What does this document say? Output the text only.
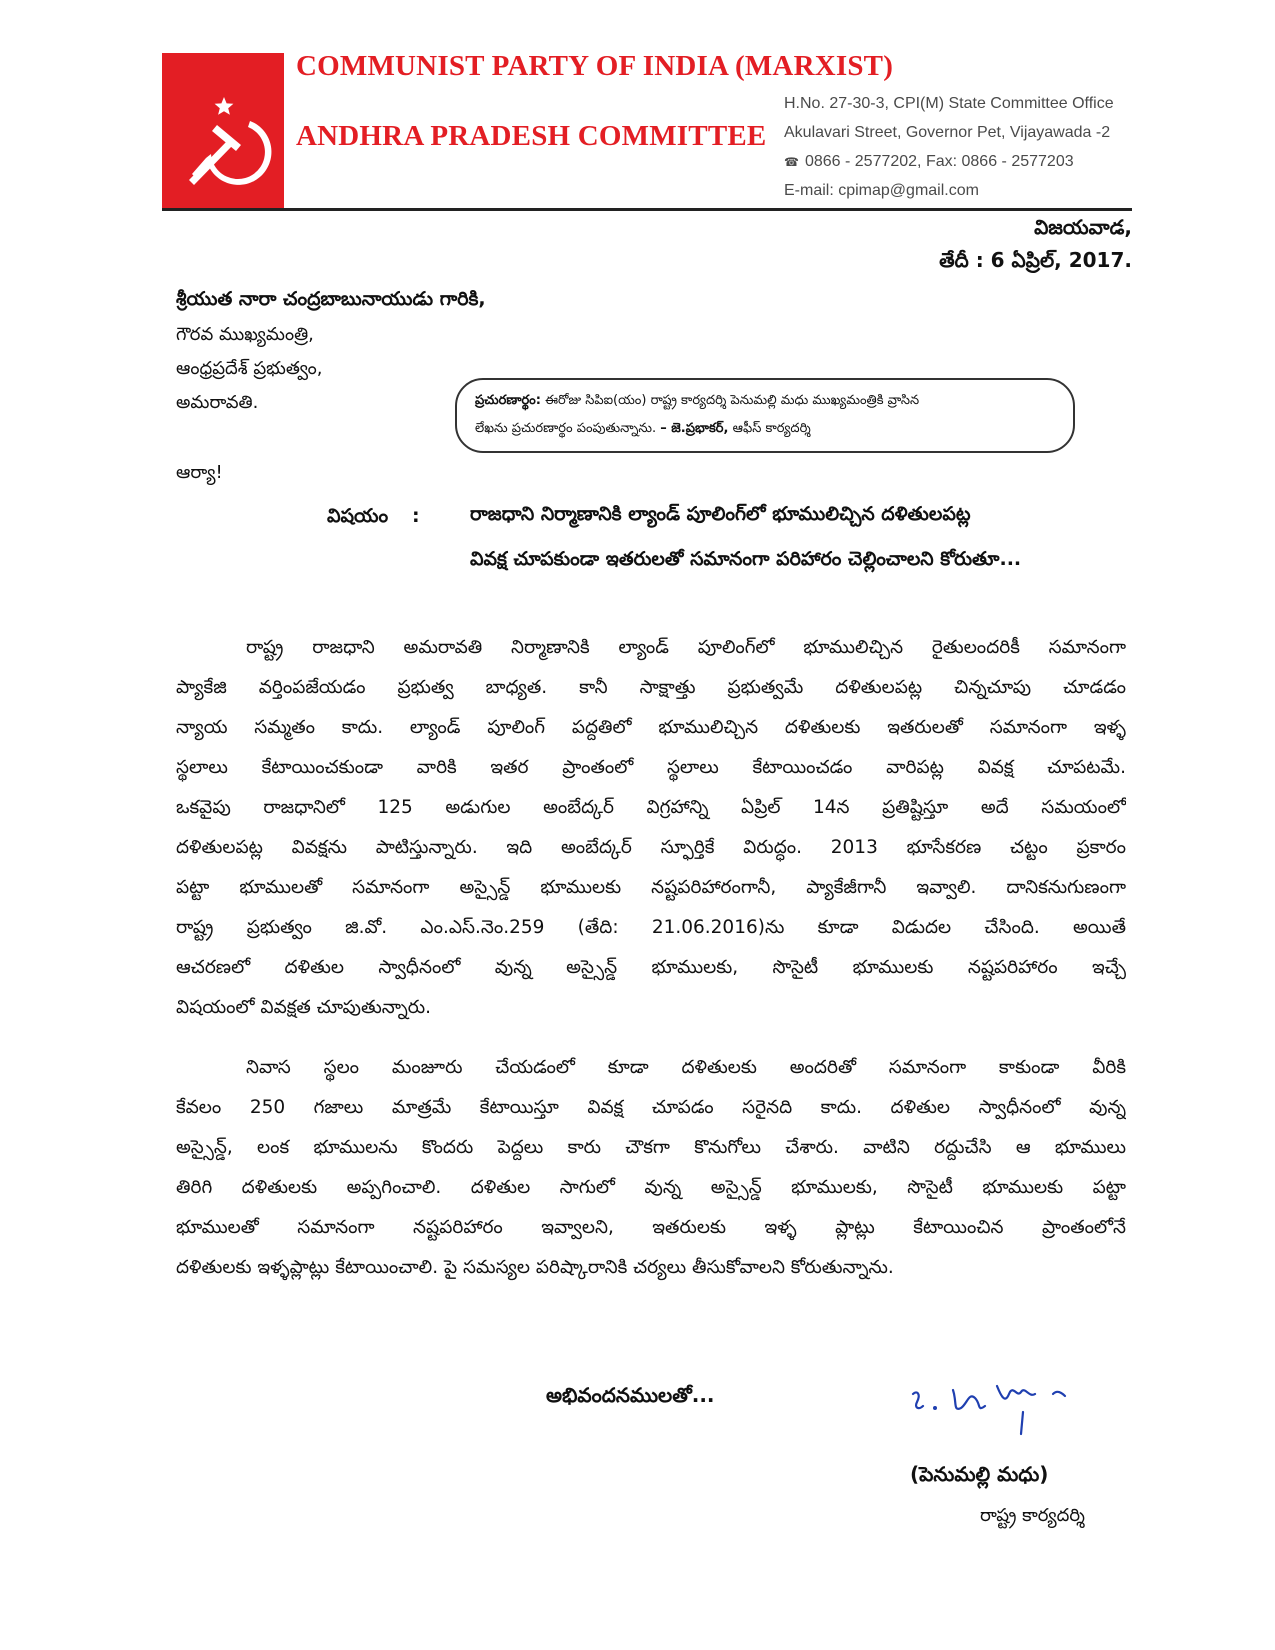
COMMUNIST PARTY OF INDIA (MARXIST)
ANDHRA PRADESH COMMITTEE
H.No. 27-30-3, CPI(M) State Committee Office
Akulavari Street, Governor Pet, Vijayawada -2
☎ 0866 - 2577202, Fax: 0866 - 2577203
E-mail: cpimap@gmail.com
విజయవాడ,
తేదీ : 6 ఏప్రిల్, 2017.
శ్రీయుత నారా చంద్రబాబునాయుడు గారికి,
గౌరవ ముఖ్యమంత్రి,
ఆంధ్రప్రదేశ్ ప్రభుత్వం,
అమరావతి.	ప్రచురణార్థం: ఈరోజు సిపిఐ(యం) రాష్ట్ర కార్యదర్శి పెనుమల్లి మధు ముఖ్యమంత్రికి వ్రాసిన
లేఖను ప్రచురణార్థం పంపుతున్నాను. – జె.ప్రభాకర్, ఆఫీస్ కార్యదర్శి
ఆర్యా!
విషయం :	రాజధాని నిర్మాణానికి ల్యాండ్ పూలింగ్‌లో భూములిచ్చిన దళితులపట్ల
వివక్ష చూపకుండా ఇతరులతో సమానంగా పరిహారం చెల్లించాలని కోరుతూ...
రాష్ట్ర రాజధాని అమరావతి నిర్మాణానికి ల్యాండ్ పూలింగ్‌లో భూములిచ్చిన రైతులందరికీ సమానంగా
ప్యాకేజి వర్తింపజేయడం ప్రభుత్వ బాధ్యత. కానీ సాక్షాత్తు ప్రభుత్వమే దళితులపట్ల చిన్నచూపు చూడడం
న్యాయ సమ్మతం కాదు. ల్యాండ్ పూలింగ్ పద్దతిలో భూములిచ్చిన దళితులకు ఇతరులతో సమానంగా ఇళ్ళ
స్థలాలు కేటాయించకుండా వారికి ఇతర ప్రాంతంలో స్థలాలు కేటాయించడం వారిపట్ల వివక్ష చూపటమే.
ఒకవైపు రాజధానిలో 125 అడుగుల అంబేద్కర్ విగ్రహాన్ని ఏప్రిల్ 14న ప్రతిష్టిస్తూ అదే సమయంలో
దళితులపట్ల వివక్షను పాటిస్తున్నారు. ఇది అంబేద్కర్ స్ఫూర్తికే విరుద్ధం. 2013 భూసేకరణ చట్టం ప్రకారం
పట్టా భూములతో సమానంగా అస్సైన్డ్ భూములకు నష్టపరిహారంగానీ, ప్యాకేజీగానీ ఇవ్వాలి. దానికనుగుణంగా
రాష్ట్ర ప్రభుత్వం జి.వో. ఎం.ఎస్.నెం.259 (తేది: 21.06.2016)ను కూడా విడుదల చేసింది. అయితే
ఆచరణలో దళితుల స్వాధీనంలో వున్న అస్సైన్డ్ భూములకు, సొసైటీ భూములకు నష్టపరిహారం ఇచ్చే
విషయంలో వివక్షత చూపుతున్నారు.
నివాస స్థలం మంజూరు చేయడంలో కూడా దళితులకు అందరితో సమానంగా కాకుండా వీరికి
కేవలం 250 గజాలు మాత్రమే కేటాయిస్తూ వివక్ష చూపడం సరైనది కాదు. దళితుల స్వాధీనంలో వున్న
అస్సైన్డ్, లంక భూములను కొందరు పెద్దలు కారు చౌకగా కొనుగోలు చేశారు. వాటిని రద్దుచేసి ఆ భూములు
తిరిగి దళితులకు అప్పగించాలి. దళితుల సాగులో వున్న అస్సైన్డ్ భూములకు, సొసైటీ భూములకు పట్టా
భూములతో సమానంగా నష్టపరిహారం ఇవ్వాలని, ఇతరులకు ఇళ్ళ ప్లాట్లు కేటాయించిన ప్రాంతంలోనే
దళితులకు ఇళ్ళప్లాట్లు కేటాయించాలి. పై సమస్యల పరిష్కారానికి చర్యలు తీసుకోవాలని కోరుతున్నాను.
అభివందనములతో...
(పెనుమల్లి మధు)
రాష్ట్ర కార్యదర్శి
